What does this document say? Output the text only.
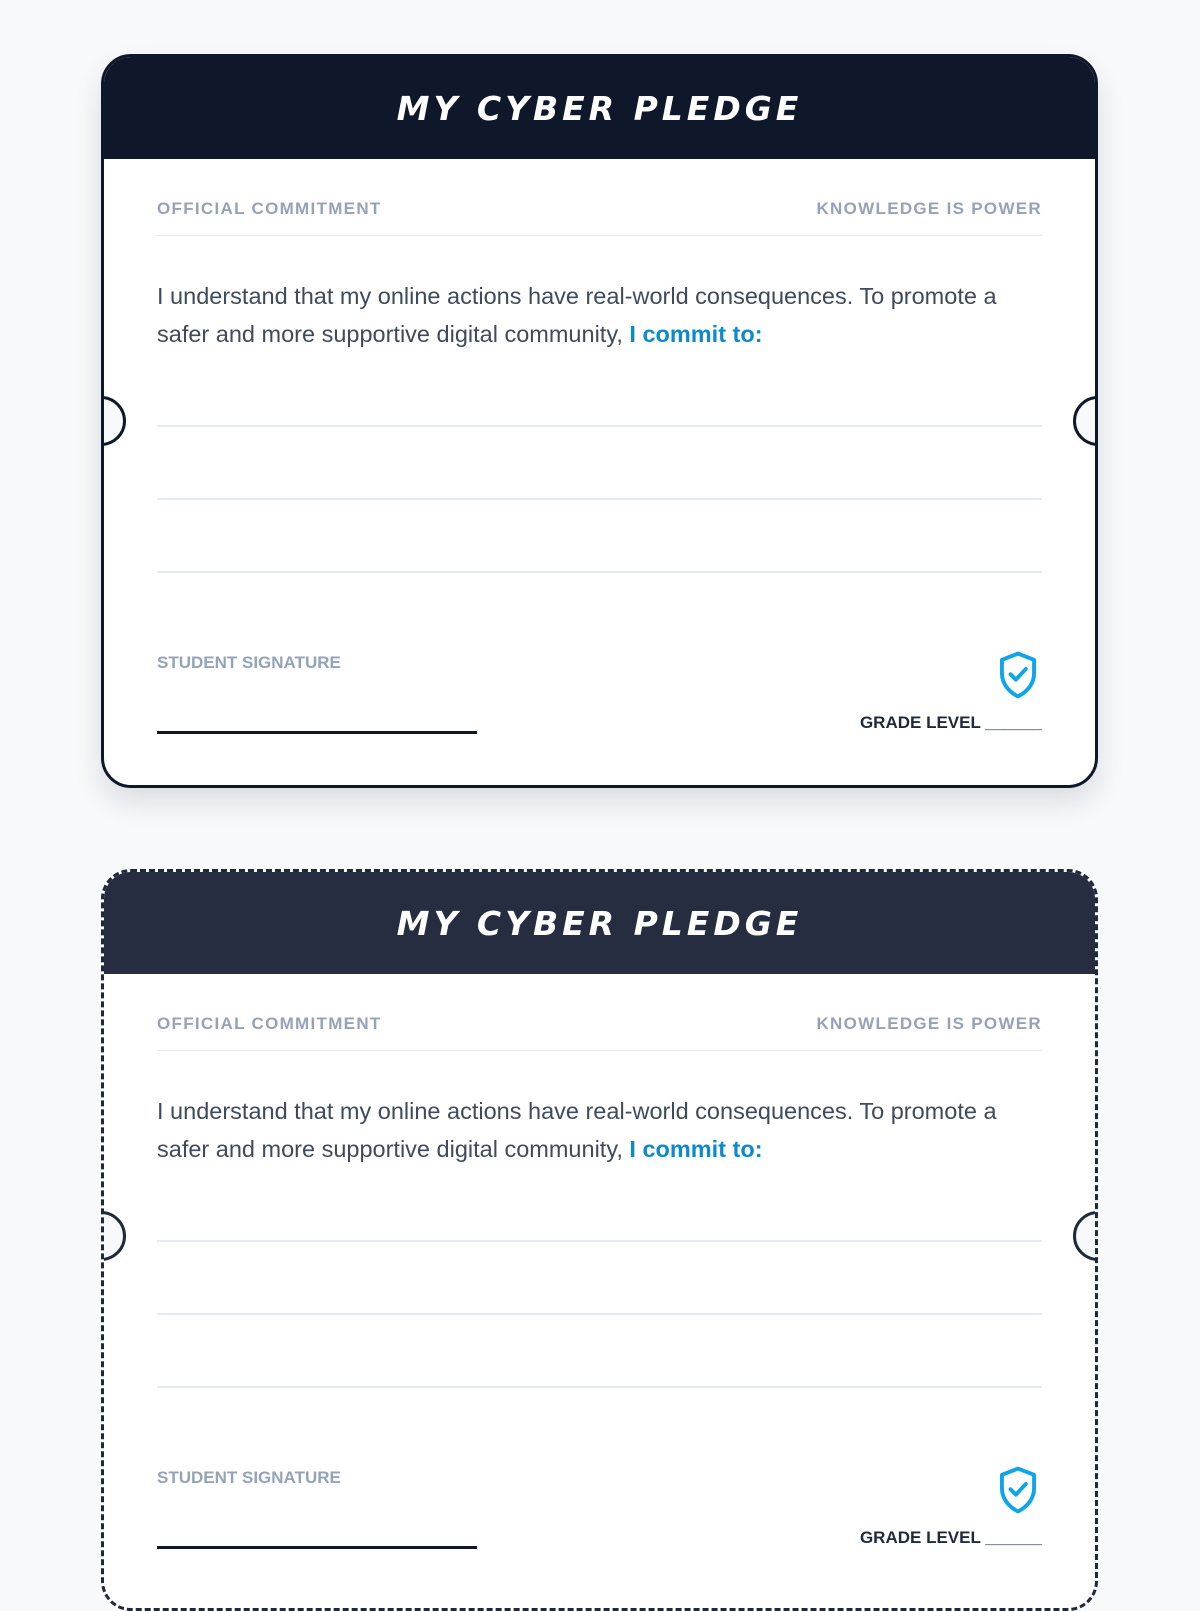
MY CYBER PLEDGE
OFFICIAL COMMITMENT	KNOWLEDGE IS POWER

I understand that my online actions have real-world consequences. To promote a safer and more supportive digital community, I commit to:

STUDENT SIGNATURE
GRADE LEVEL ______
MY CYBER PLEDGE
OFFICIAL COMMITMENT	KNOWLEDGE IS POWER

I understand that my online actions have real-world consequences. To promote a safer and more supportive digital community, I commit to:

STUDENT SIGNATURE
GRADE LEVEL ______
